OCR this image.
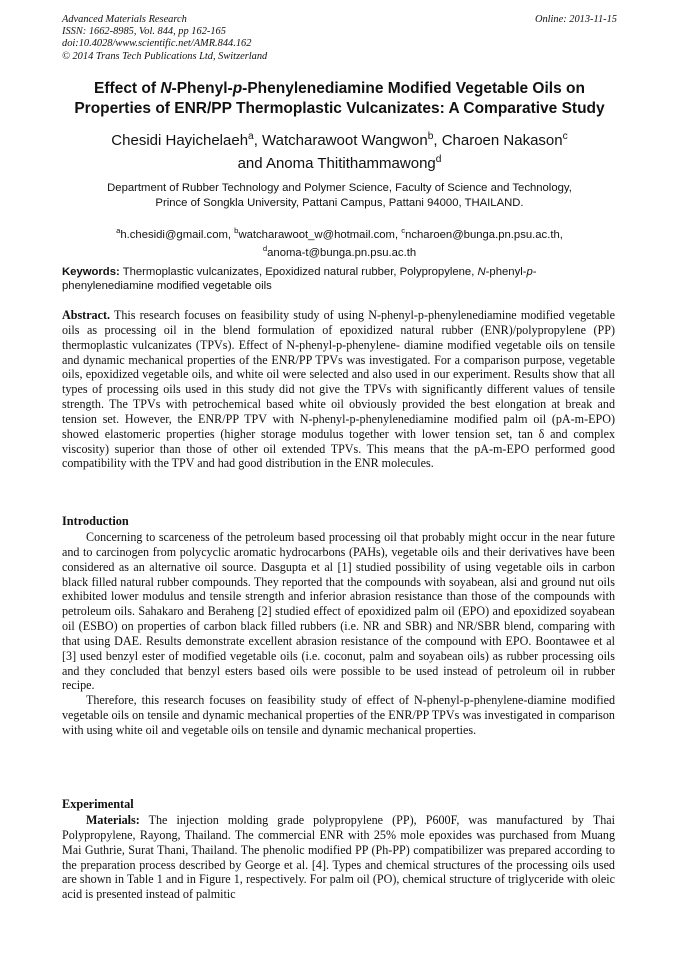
Advanced Materials Research
ISSN: 1662-8985, Vol. 844, pp 162-165
doi:10.4028/www.scientific.net/AMR.844.162
© 2014 Trans Tech Publications Ltd, Switzerland
Online: 2013-11-15
Effect of N-Phenyl-p-Phenylenediamine Modified Vegetable Oils on
Properties of ENR/PP Thermoplastic Vulcanizates: A Comparative Study
Chesidi Hayichelaeh$^a$, Watcharawoot Wangwon$^b$, Charoen Nakason$^c$
and Anoma Thitithammawong$^d$
Department of Rubber Technology and Polymer Science, Faculty of Science and Technology,
Prince of Songkla University, Pattani Campus, Pattani 94000, THAILAND.
$^a$h.chesidi@gmail.com, $^b$watcharawoot_w@hotmail.com, $^c$ncharoen@bunga.pn.psu.ac.th,
$^d$anoma-t@bunga.pn.psu.ac.th
Keywords: Thermoplastic vulcanizates, Epoxidized natural rubber, Polypropylene, N-phenyl-p-
phenylenediamine modified vegetable oils

Abstract. This research focuses on feasibility study of using N-phenyl-p-phenylenediamine modified vegetable oils as processing oil in the blend formulation of epoxidized natural rubber (ENR)/polypropylene (PP) thermoplastic vulcanizates (TPVs). Effect of N-phenyl-p-phenylene- diamine modified vegetable oils on tensile and dynamic mechanical properties of the ENR/PP TPVs was investigated. For a comparison purpose, vegetable oils, epoxidized vegetable oils, and white oil were selected and also used in our experiment. Results show that all types of processing oils used in this study did not give the TPVs with significantly different values of tensile strength. The TPVs with petrochemical based white oil obviously provided the best elongation at break and tension set. However, the ENR/PP TPV with N-phenyl-p-phenylenediamine modified palm oil (pA-m-EPO) showed elastomeric properties (higher storage modulus together with lower tension set, tan δ and complex viscosity) superior than those of other oil extended TPVs. This means that the pA-m-EPO performed good compatibility with the TPV and had good distribution in the ENR molecules.

Introduction

Concerning to scarceness of the petroleum based processing oil that probably might occur in the near future and to carcinogen from polycyclic aromatic hydrocarbons (PAHs), vegetable oils and their derivatives have been considered as an alternative oil source. Dasgupta et al [1] studied possibility of using vegetable oils in carbon black filled natural rubber compounds. They reported that the compounds with soyabean, alsi and ground nut oils exhibited lower modulus and tensile strength and inferior abrasion resistance than those of the compounds with petroleum oils. Sahakaro and Beraheng [2] studied effect of epoxidized palm oil (EPO) and epoxidized soyabean oil (ESBO) on properties of carbon black filled rubbers (i.e. NR and SBR) and NR/SBR blend, comparing with that using DAE. Results demonstrate excellent abrasion resistance of the compound with EPO. Boontawee et al [3] used benzyl ester of modified vegetable oils (i.e. coconut, palm and soyabean oils) as rubber processing oils and they concluded that benzyl esters based oils were possible to be used instead of petroleum oil in rubber recipe.

Therefore, this research focuses on feasibility study of effect of N-phenyl-p-phenylene-diamine modified vegetable oils on tensile and dynamic mechanical properties of the ENR/PP TPVs was investigated in comparison with using white oil and vegetable oils on tensile and dynamic mechanical properties.

Experimental

Materials: The injection molding grade polypropylene (PP), P600F, was manufactured by Thai Polypropylene, Rayong, Thailand. The commercial ENR with 25% mole epoxides was purchased from Muang Mai Guthrie, Surat Thani, Thailand. The phenolic modified PP (Ph-PP) compatibilizer was prepared according to the preparation process described by George et al. [4]. Types and chemical structures of the processing oils used are shown in Table 1 and in Figure 1, respectively. For palm oil (PO), chemical structure of triglyceride with oleic acid is presented instead of palmitic
